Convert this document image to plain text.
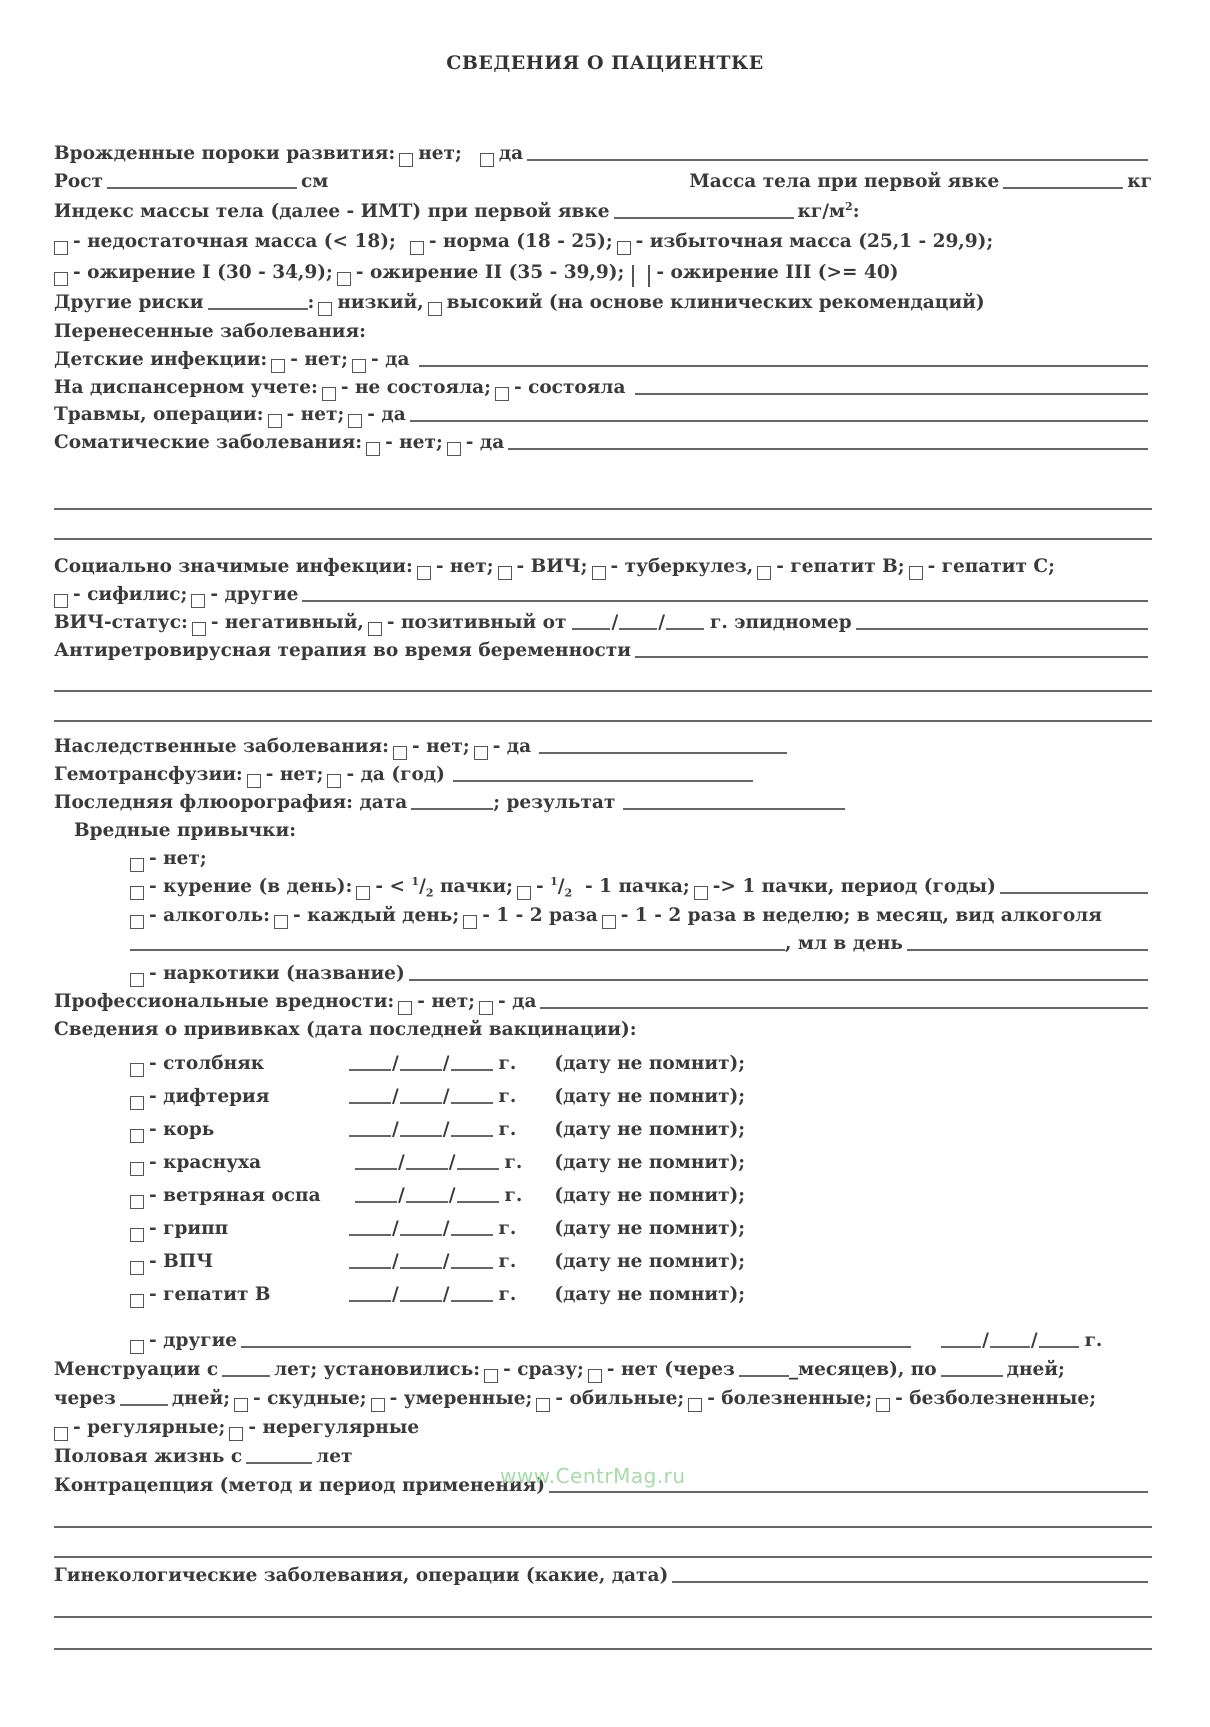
СВЕДЕНИЯ О ПАЦИЕНТКЕ
Врожденные пороки развития: нет; да
Рост	см	Масса тела при первой явке	кг
Индекс массы тела (далее - ИМТ) при первой явке	$кг/м^2$:
- недостаточная масса (< 18); - норма (18 - 25); - избыточная масса (25,1 - 29,9);
- ожирение I (30 - 34,9); - ожирение II (35 - 39,9); - ожирение III (>= 40)
Другие риски	: низкий, высокий (на основе клинических рекомендаций)
Перенесенные заболевания:
Детские инфекции: - нет; - да
На диспансерном учете: - не состояла; - состояла
Травмы, операции: - нет; - да
Соматические заболевания: - нет; - да
Социально значимые инфекции: - нет; - ВИЧ; - туберкулез, - гепатит В; - гепатит С;
- сифилис; - другие
ВИЧ-статус: - негативный, - позитивный от / / г. эпидномер
Антиретровирусная терапия во время беременности
Наследственные заболевания: - нет; - да
Гемотрансфузии: - нет; - да (год)
Последняя флюорография: дата	; результат
Вредные привычки:
- нет;
- курение (в день): - < $^1/_2$ пачки; - $^1/_2 - 1$ пачка; -> 1 пачки, период (годы)
- алкоголь: - каждый день; - 1 - 2 раза - 1 - 2 раза в неделю; в месяц, вид алкоголя
, мл в день
- наркотики (название)
Профессиональные вредности: - нет; - да
Сведения о прививках (дата последней вакцинации):
- столбняк	/ /	г. (дату не помнит);
- дифтерия	/ /	г. (дату не помнит);
- корь	/ /	г. (дату не помнит);
- краснуха	/ /	г. (дату не помнит);
- ветряная оспа	/ /	г. (дату не помнит);
- грипп	/ /	г. (дату не помнит);
- ВПЧ	/ /	г. (дату не помнит);
- гепатит В	/ /	г. (дату не помнит);
- другие	/ /	г.
Менструации с	лет; установились: - сразу; - нет (через	_месяцев), по	дней;
через	дней; - скудные; - умеренные; - обильные; - болезненные; - безболезненные;
- регулярные; - нерегулярные
Половая жизнь с	лет
Контрацепция (метод и период применения)
Гинекологические заболевания, операции (какие, дата)
www.CentrMag.ru
